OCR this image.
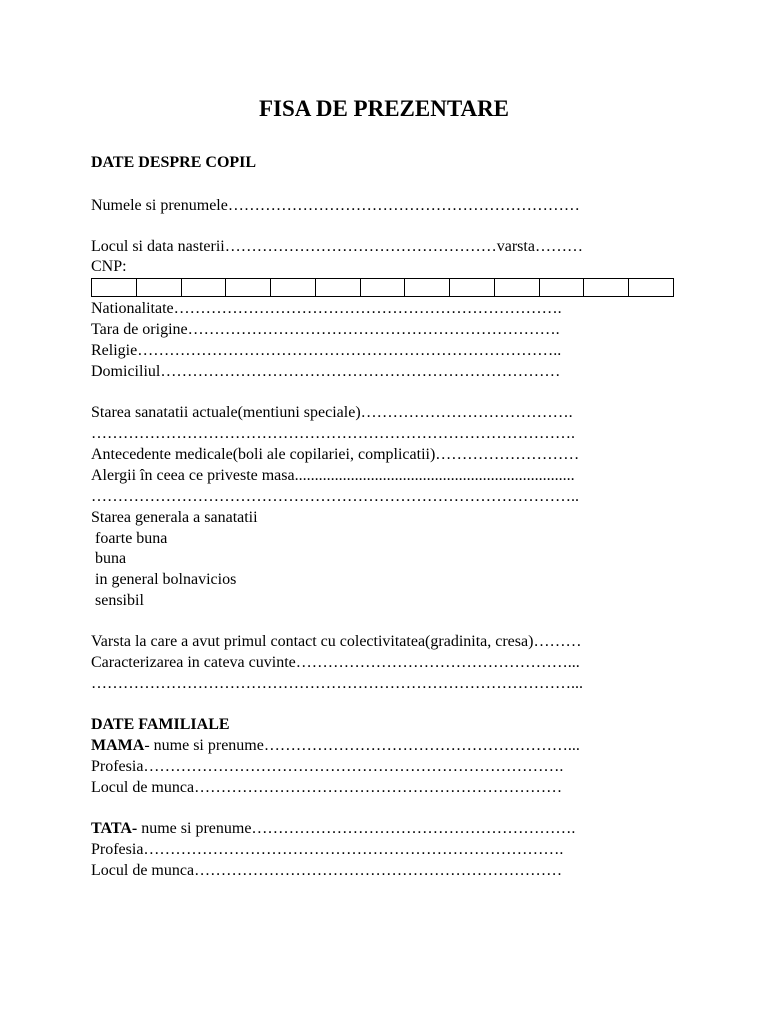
FISA DE PREZENTARE
DATE DESPRE COPIL
Numele si prenumele…………………………………………………………
Locul si data nasterii……………………………………………varsta………
CNP:
Nationalitate……………………………………………………………….
Tara de origine…………………………………………………………….
Religie……………………………………………………………………..
Domiciliul…………………………………………………………………
Starea sanatatii actuale(mentiuni speciale)………………………………….
……………………………………………………………………………….
Antecedente medicale(boli ale copilariei, complicatii)………………………
Alergii în ceea ce priveste masa......................................................................
………………………………………………………………………………..
Starea generala a sanatatii
foarte buna
buna
in general bolnavicios
sensibil
Varsta la care a avut primul contact cu colectivitatea(gradinita, cresa)………
Caracterizarea in cateva cuvinte……………………………………………...
………………………………………………………………………………...
DATE FAMILIALE
MAMA- nume si prenume…………………………………………………...
Profesia…………………………………………………………………….
Locul de munca……………………………………………………………
TATA- nume si prenume…………………………………………………….
Profesia…………………………………………………………………….
Locul de munca……………………………………………………………
